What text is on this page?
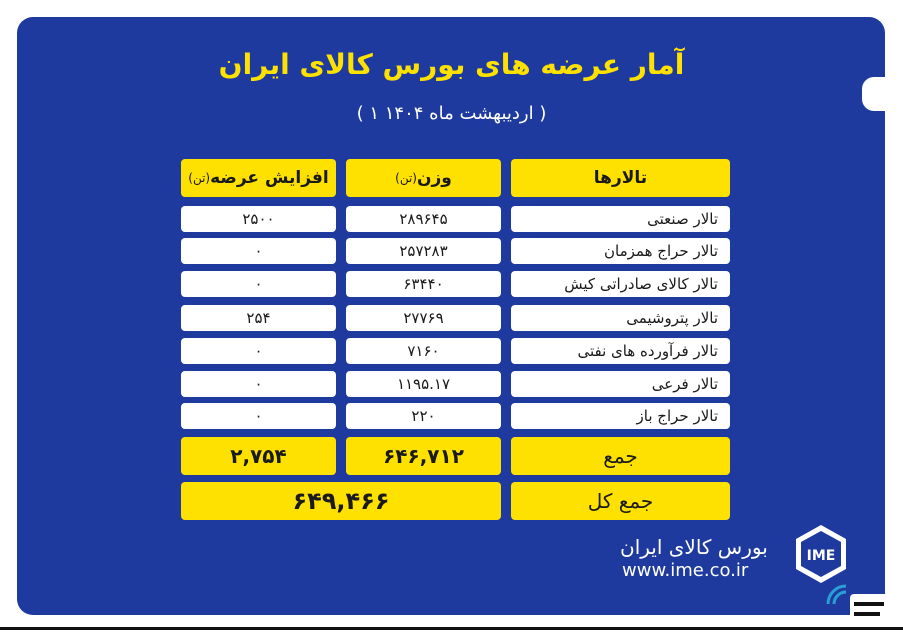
آمار عرضه های بورس کالای ایران
( ۱ اردیبهشت ماه ۱۴۰۴ )
تالارها
(تن) وزن
(تن) افزایش عرضه
تالار صنعتی
۲۸۹۶۴۵
۲۵۰۰
تالار حراج همزمان
۲۵۷۲۸۳
۰
تالار کالای صادراتی کیش
۶۳۴۴۰
۰
تالار پتروشیمی
۲۷۷۶۹
۲۵۴
تالار فرآورده های نفتی
۷۱۶۰
۰
تالار فرعی
۱۱۹۵.۱۷
۰
تالار حراج باز
۲۲۰
۰
جمع
۶۴۶,۷۱۲
۲,۷۵۴
جمع کل
۶۴۹,۴۶۶
بورس کالای ایران
www.ime.co.ir
IME
